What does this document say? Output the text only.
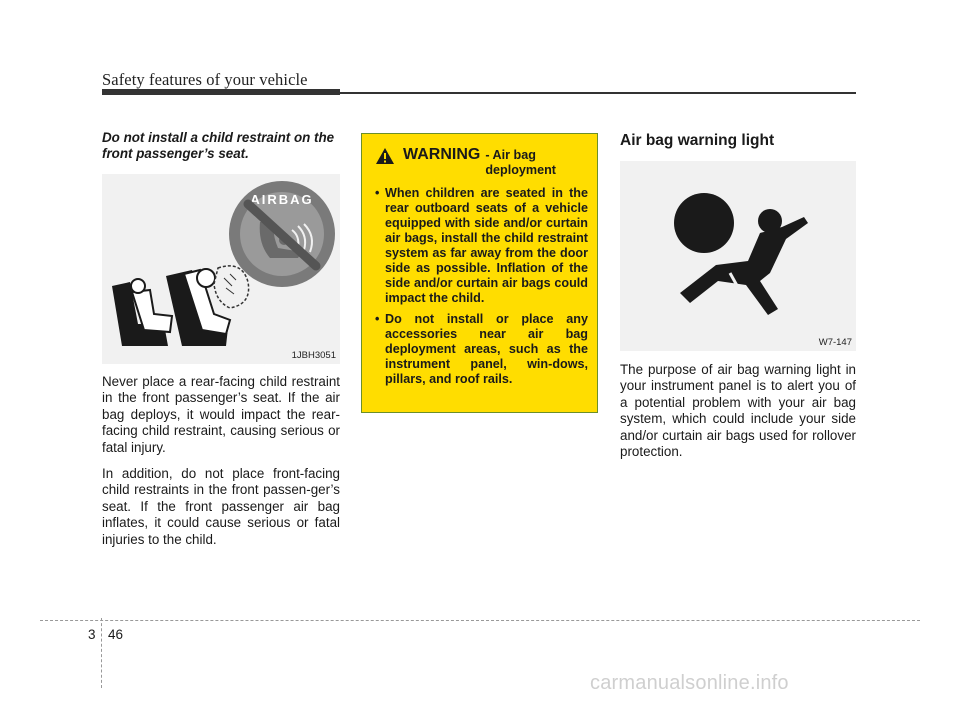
Safety features of your vehicle

Do not install a child restraint on the front passenger’s seat.

AIRBAG
1JBH3051

Never place a rear-facing child restraint in the front passenger’s seat. If the air bag deploys, it would impact the rear-facing child restraint, causing serious or fatal injury.

In addition, do not place front-facing child restraints in the front passen-ger’s seat. If the front passenger air bag inflates, it could cause serious or fatal injuries to the child.

WARNING - Air bag deployment
• When children are seated in the rear outboard seats of a vehicle equipped with side and/or curtain air bags, install the child restraint system as far away from the door side as possible. Inflation of the side and/or curtain air bags could impact the child.
• Do not install or place any accessories near air bag deployment areas, such as the instrument panel, win-dows, pillars, and roof rails.
Air bag warning light
W7-147

The purpose of air bag warning light in your instrument panel is to alert you of a potential problem with your air bag system, which could include your side and/or curtain air bags used for rollover protection.

3 46
carmanualsonline.info
